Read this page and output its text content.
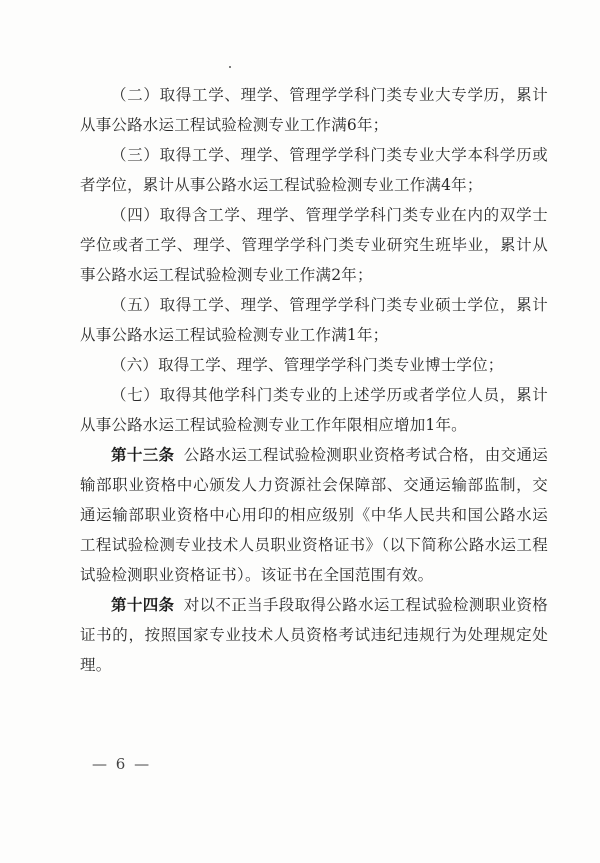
（二）取得工学、理学、管理学学科门类专业大专学历，累计从事公路水运工程试验检测专业工作满6年；

（三）取得工学、理学、管理学学科门类专业大学本科学历或者学位，累计从事公路水运工程试验检测专业工作满4年；

（四）取得含工学、理学、管理学学科门类专业在内的双学士学位或者工学、理学、管理学学科门类专业研究生班毕业，累计从事公路水运工程试验检测专业工作满2年；

（五）取得工学、理学、管理学学科门类专业硕士学位，累计从事公路水运工程试验检测专业工作满1年；

（六）取得工学、理学、管理学学科门类专业博士学位；

（七）取得其他学科门类专业的上述学历或者学位人员，累计从事公路水运工程试验检测专业工作年限相应增加1年。

第十三条 公路水运工程试验检测职业资格考试合格，由交通运输部职业资格中心颁发人力资源社会保障部、交通运输部监制，交通运输部职业资格中心用印的相应级别《中华人民共和国公路水运工程试验检测专业技术人员职业资格证书》（以下简称公路水运工程试验检测职业资格证书）。该证书在全国范围有效。

第十四条 对以不正当手段取得公路水运工程试验检测职业资格证书的，按照国家专业技术人员资格考试违纪违规行为处理规定处理。

— 6 —
